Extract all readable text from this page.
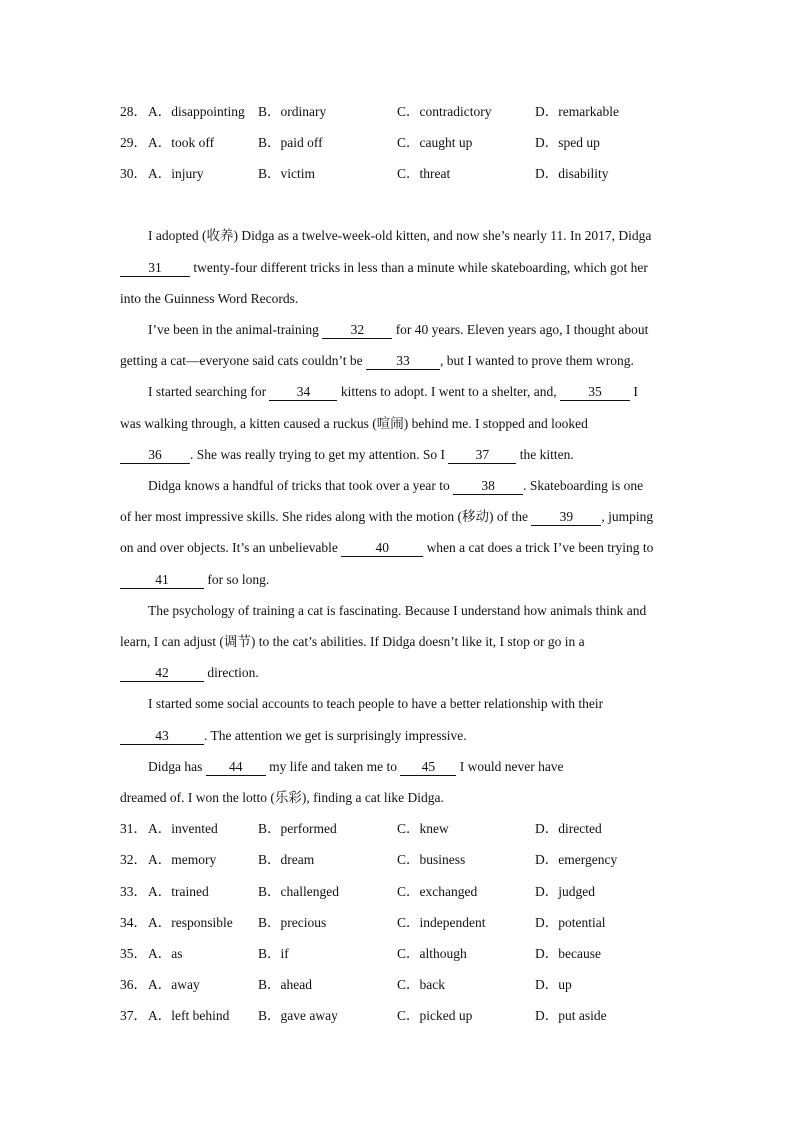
28． A．disappointing B．ordinary	C．contradictory	D．remarkable
29． A．took off	B．paid off	C．caught up	D．sped up
30． A．injury	B．victim	C．threat	D．disability
I adopted (收养) Didga as a twelve-week-old kitten, and now she’s nearly 11. In 2017, Didga
31 twenty-four different tricks in less than a minute while skateboarding, which got her
into the Guinness Word Records.
I’ve been in the animal-training 32 for 40 years. Eleven years ago, I thought about
getting a cat—everyone said cats couldn’t be 33 , but I wanted to prove them wrong.
I started searching for 34 kittens to adopt. I went to a shelter, and, 35 I
was walking through, a kitten caused a ruckus (喧闹) behind me. I stopped and looked
36 . She was really trying to get my attention. So I 37 the kitten.
Didga knows a handful of tricks that took over a year to 38 . Skateboarding is one
of her most impressive skills. She rides along with the motion (移动) of the 39 , jumping
on and over objects. It’s an unbelievable	40	when a cat does a trick I’ve been trying to
41	for so long.
The psychology of training a cat is fascinating. Because I understand how animals think and
learn, I can adjust (调节) to the cat’s abilities. If Didga doesn’t like it, I stop or go in a
42	direction.
I started some social accounts to teach people to have a better relationship with their
43	. The attention we get is surprisingly impressive.
Didga has 44 my life and taken me to 45 I would never have
dreamed of. I won the lotto (乐彩), finding a cat like Didga.
31． A．invented	B．performed	C．knew	D．directed
32． A．memory	B．dream	C．business	D．emergency
33． A．trained	B．challenged	C．exchanged	D．judged
34． A．responsible B．precious	C．independent	D．potential
35． A．as	B．if	C．although	D．because
36． A．away	B．ahead	C．back	D．up
37． A．left behind B．gave away	C．picked up	D．put aside
